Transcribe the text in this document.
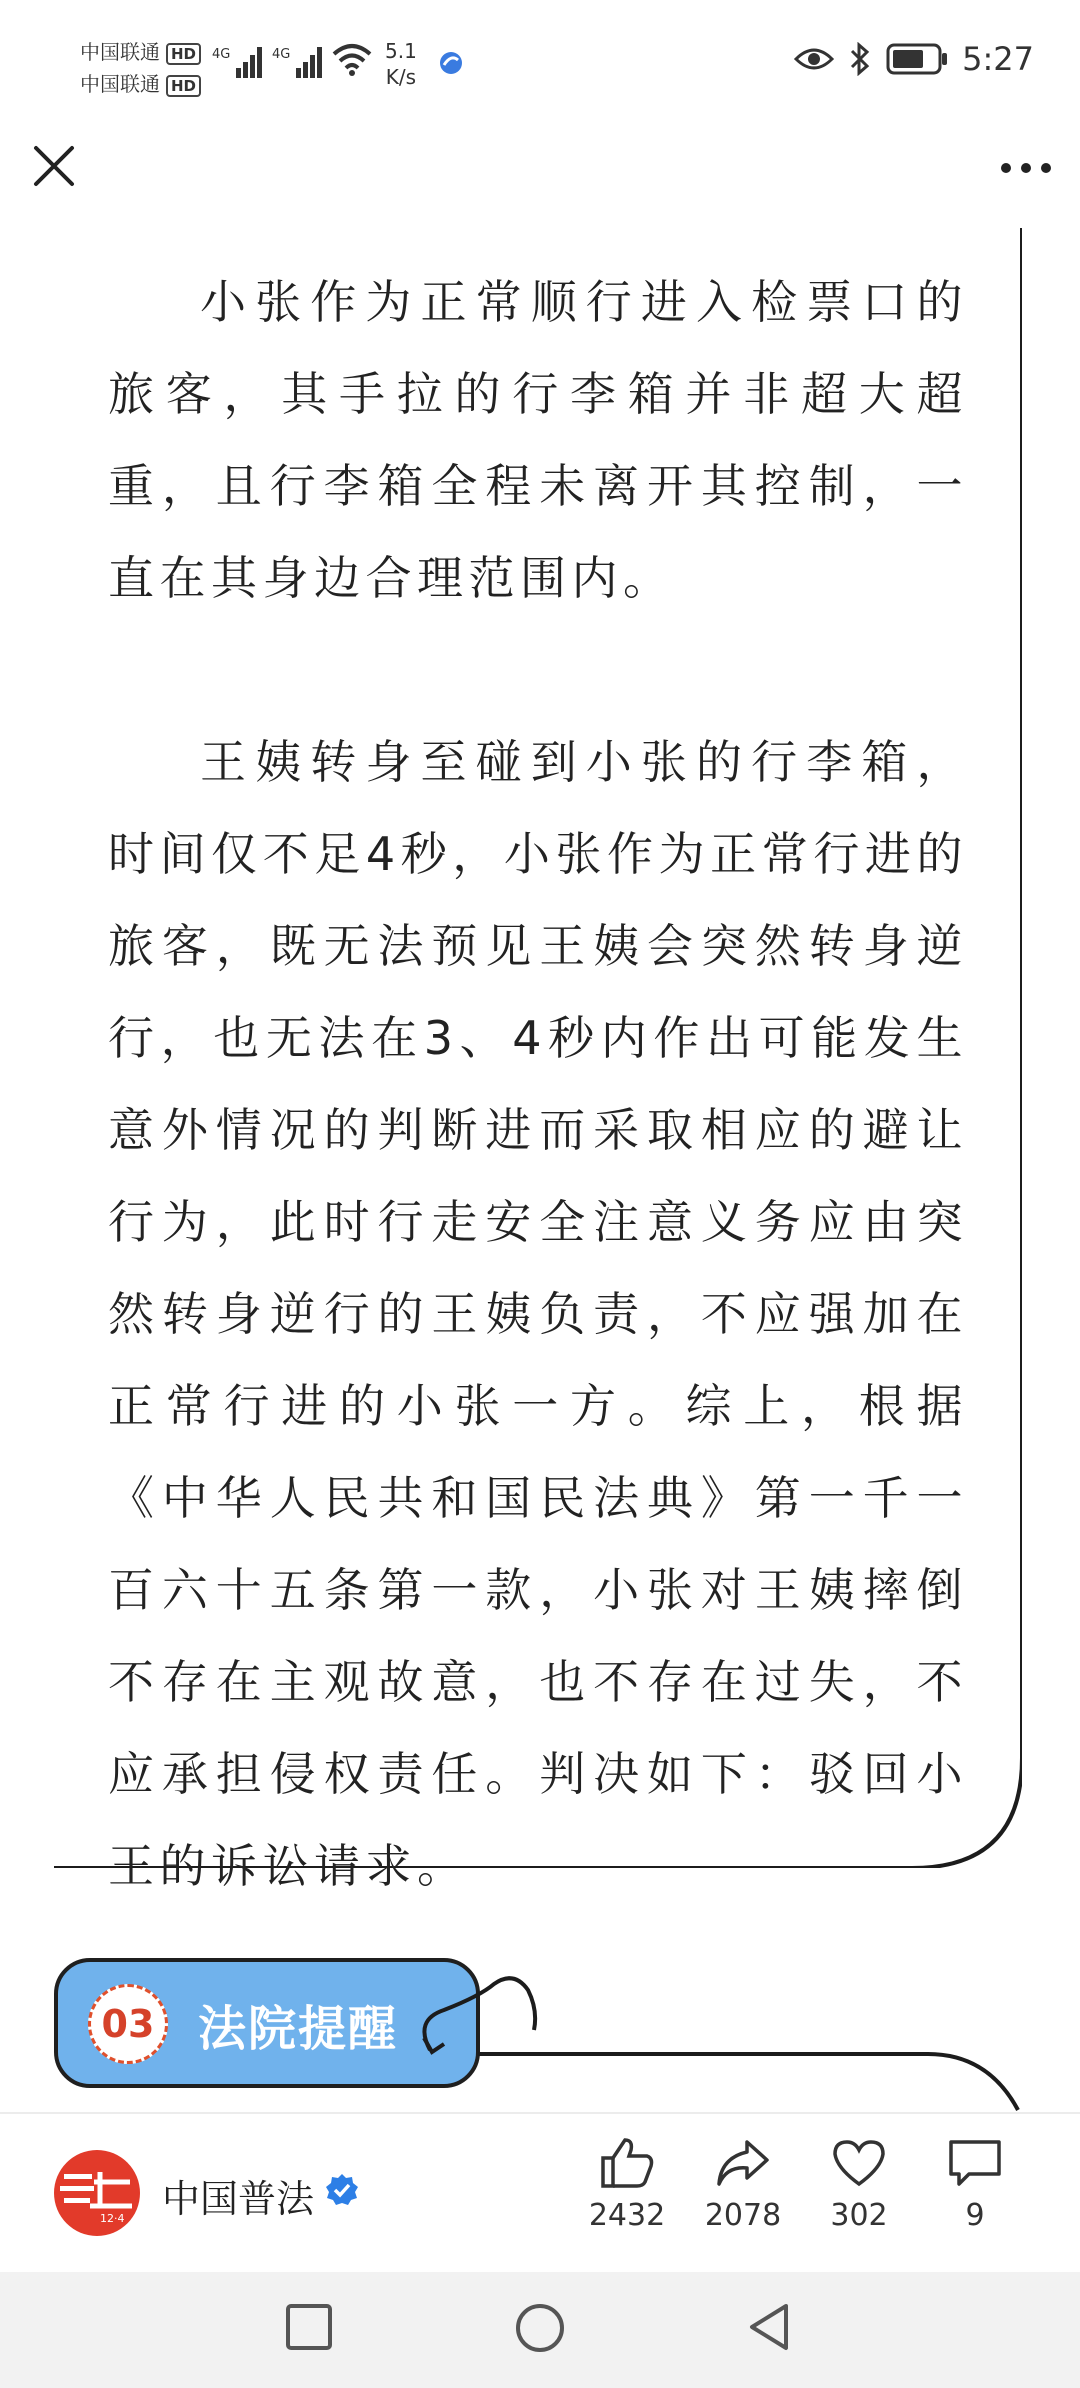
中国联通 HD
中国联通 HD
4G	4G	5.1
K/s	5:27

小张作为正常顺行进入检票口的旅客，其手拉的行李箱并非超大超重，且行李箱全程未离开其控制，一直在其身边合理范围内。

王姨转身至碰到小张的行李箱，时间仅不足4秒，小张作为正常行进的旅客，既无法预见王姨会突然转身逆行，也无法在3、4秒内作出可能发生意外情况的判断进而采取相应的避让行为，此时行走安全注意义务应由突然转身逆行的王姨负责，不应强加在正常行进的小张一方。综上，根据《中华人民共和国民法典》第一千一百六十五条第一款，小张对王姨摔倒不存在主观故意，也不存在过失，不应承担侵权责任。判决如下：驳回小王的诉讼请求。

03 法院提醒
12·4 中国普法	2432	2078	302	9
